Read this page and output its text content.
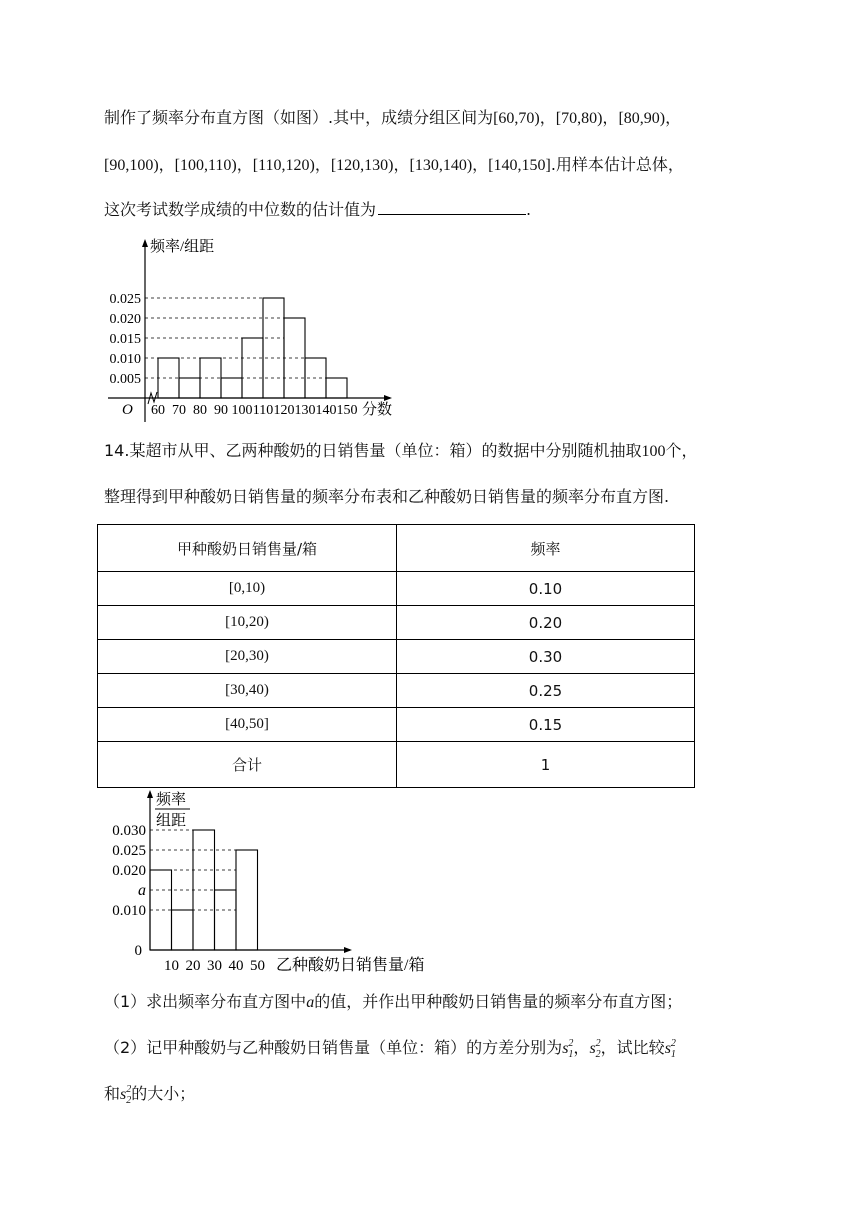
制作了频率分布直方图（如图）.其中，成绩分组区间为[60,70)，[70,80)，[80,90)，
[90,100)，[100,110)，[110,120)，[120,130)，[130,140)，[140,150].用样本估计总体，
这次考试数学成绩的中位数的估计值为	.
频率/组距
O	分数
0.005
0.010
0.015
0.020
0.025
60 70 80 90 100 110 120 130 140 150
14.某超市从甲、乙两种酸奶的日销售量（单位：箱）的数据中分别随机抽取100个，
整理得到甲种酸奶日销售量的频率分布表和乙种酸奶日销售量的频率分布直方图.
甲种酸奶日销售量/箱	频率
[0,10)	0.10
[10,20)	0.20
[20,30)	0.30
[30,40)	0.25
[40,50]	0.15
合计	1
频率
组距
0
乙种酸奶日销售量/箱
0.010
a
0.020
0.025
0.030
10 20 30 40 50
（1）求出频率分布直方图中a的值，并作出甲种酸奶日销售量的频率分布直方图；
（2）记甲种酸奶与乙种酸奶日销售量（单位：箱）的方差分别为$s^2_1$，$s^2_2$，试比较$s^2_1$
和$s^2_2$的大小；
